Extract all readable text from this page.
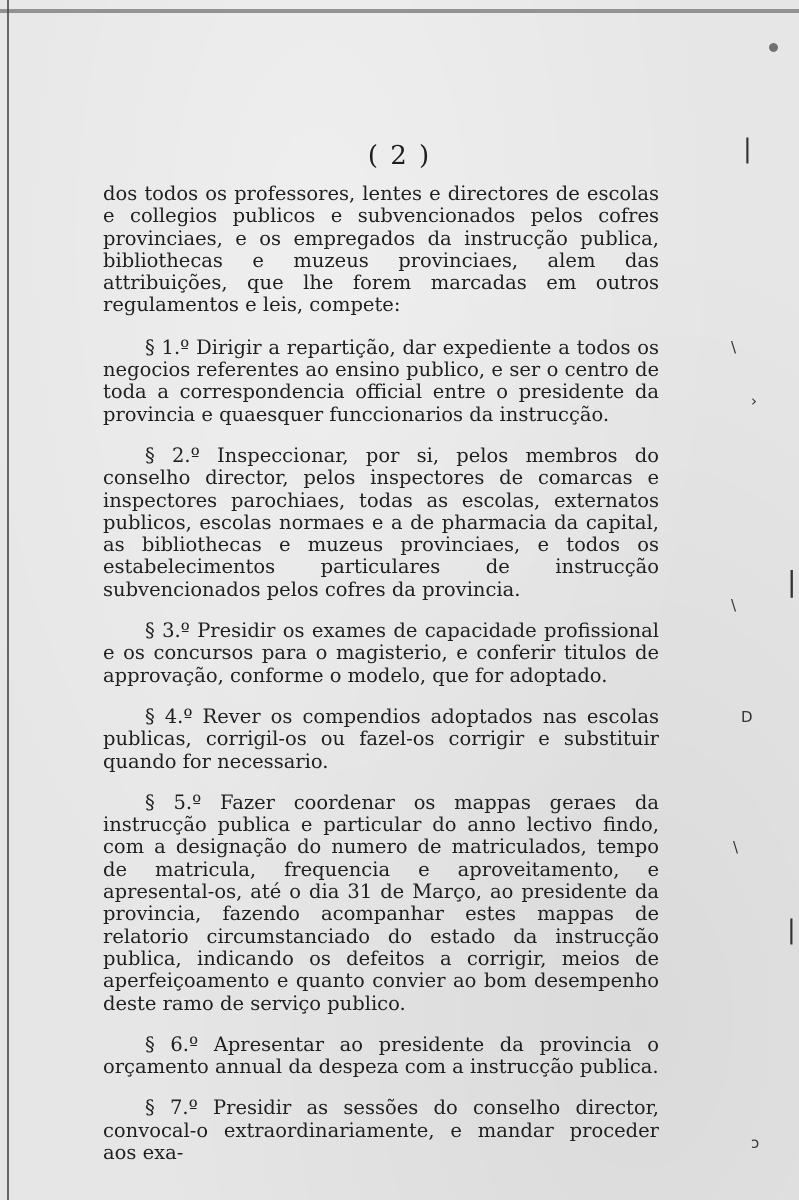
( 2 )

dos todos os professores, lentes e directores de escolas e collegios publicos e subvencionados pelos cofres provinciaes, e os empregados da instrucção publica, bibliothecas e muzeus provinciaes, alem das attribuições, que lhe forem marcadas em outros regulamentos e leis, compete:

§ 1.º Dirigir a repartição, dar expediente a todos os negocios referentes ao ensino publico, e ser o centro de toda a correspondencia official entre o presidente da provincia e quaesquer funccionarios da instrucção.

§ 2.º Inspeccionar, por si, pelos membros do conselho director, pelos inspectores de comarcas e inspectores parochiaes, todas as escolas, externatos publicos, escolas normaes e a de pharmacia da capital, as bibliothecas e muzeus provinciaes, e todos os estabelecimentos particulares de instrucção subvencionados pelos cofres da provincia.

§ 3.º Presidir os exames de capacidade profissional e os concursos para o magisterio, e conferir titulos de approvação, conforme o modelo, que for adoptado.

§ 4.º Rever os compendios adoptados nas escolas publicas, corrigil-os ou fazel-os corrigir e substituir quando for necessario.

§ 5.º Fazer coordenar os mappas geraes da instrucção publica e particular do anno lectivo findo, com a designação do numero de matriculados, tempo de matricula, frequencia e aproveitamento, e apresental-os, até o dia 31 de Março, ao presidente da provincia, fazendo acompanhar estes mappas de relatorio circumstanciado do estado da instrucção publica, indicando os defeitos a corrigir, meios de aperfeiçoamento e quanto convier ao bom desempenho deste ramo de serviço publico.

§ 6.º Apresentar ao presidente da provincia o orçamento annual da despeza com a instrucção publica.

§ 7.º Presidir as sessões do conselho director, convocal-o extraordinariamente, e mandar proceder aos exa-

|
\
›
|
\
D
\
|
ɔ
